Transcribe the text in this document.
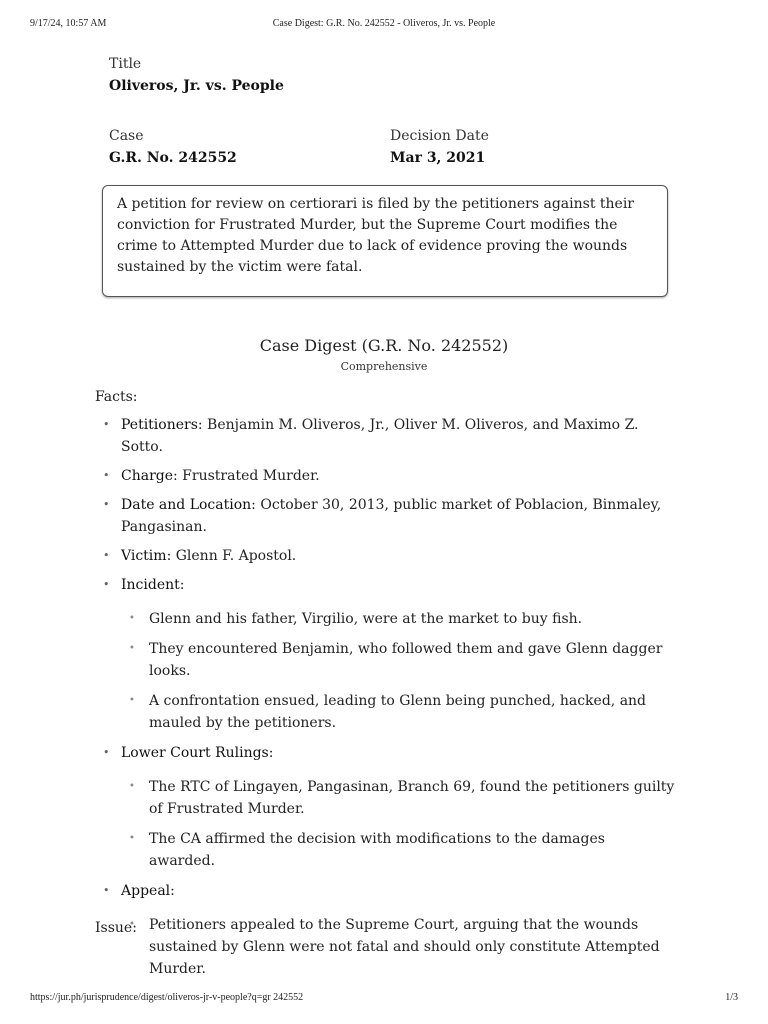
9/17/24, 10:57 AM	Case Digest: G.R. No. 242552 - Oliveros, Jr. vs. People
Title
Oliveros, Jr. vs. People
Case
G.R. No. 242552
Decision Date
Mar 3, 2021
A petition for review on certiorari is filed by the petitioners against their conviction for Frustrated Murder, but the Supreme Court modifies the crime to Attempted Murder due to lack of evidence proving the wounds sustained by the victim were fatal.
Case Digest (G.R. No. 242552)
Comprehensive
Facts:
• Petitioners: Benjamin M. Oliveros, Jr., Oliver M. Oliveros, and Maximo Z. Sotto.
• Charge: Frustrated Murder.
• Date and Location: October 30, 2013, public market of Poblacion, Binmaley, Pangasinan.
• Victim: Glenn F. Apostol.
• Incident:
• Glenn and his father, Virgilio, were at the market to buy fish.
• They encountered Benjamin, who followed them and gave Glenn dagger looks.
• A confrontation ensued, leading to Glenn being punched, hacked, and mauled by the petitioners.
• Lower Court Rulings:
• The RTC of Lingayen, Pangasinan, Branch 69, found the petitioners guilty of Frustrated Murder.
• The CA affirmed the decision with modifications to the damages awarded.
• Appeal:
• Petitioners appealed to the Supreme Court, arguing that the wounds sustained by Glenn were not fatal and should only constitute Attempted Murder.
Issue:
https://jur.ph/jurisprudence/digest/oliveros-jr-v-people?q=gr 242552	1/3
